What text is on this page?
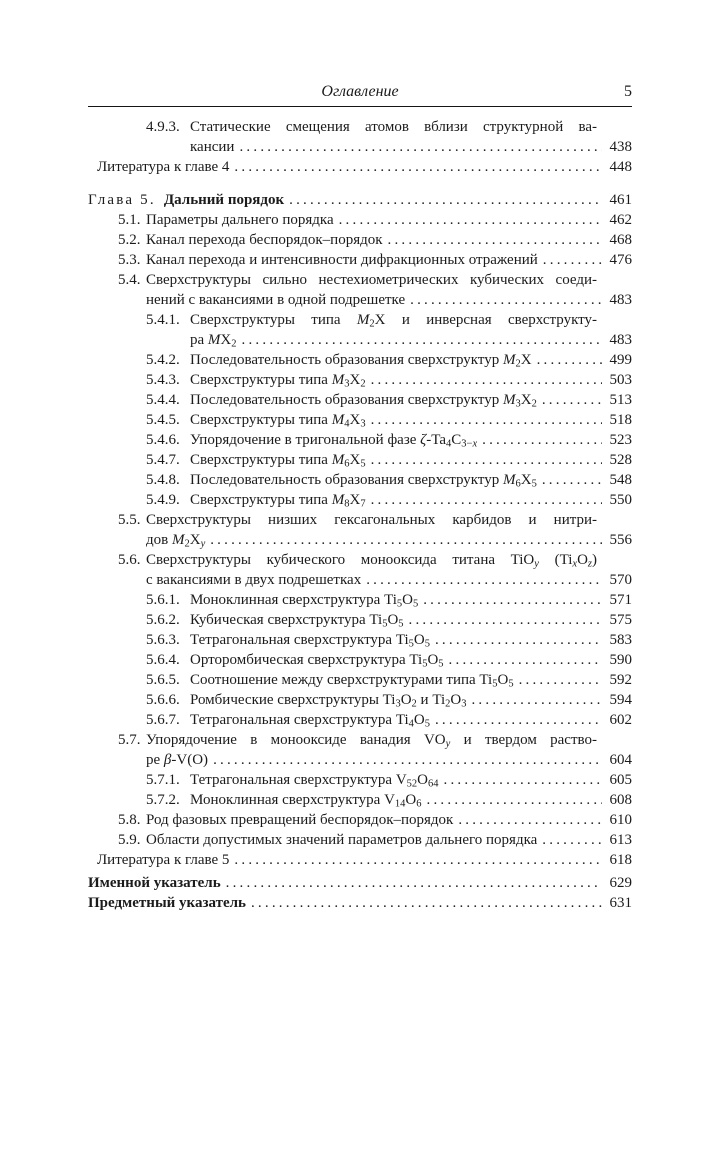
Оглавление	5
4.9.3. Статические смещения атомов вблизи структурной ва-
кансии .....	438
Литература к главе 4 .....	448
Глава 5. Дальний порядок .....	461
5.1. Параметры дальнего порядка .....	462
5.2. Канал перехода беспорядок–порядок .....	468
5.3. Канал перехода и интенсивности дифракционных отражений .....	476
5.4. Сверхструктуры сильно нестехиометрических кубических соеди-
нений с вакансиями в одной подрешетке .....	483
5.4.1. Сверхструктуры типа $M_2X$ и инверсная сверхструкту-
ра $MX_2$ .....	483
5.4.2. Последовательность образования сверхструктур $M_2X$ .....	499
5.4.3. Сверхструктуры типа $M_3X_2$ .....	503
5.4.4. Последовательность образования сверхструктур $M_3X_2$ .....	513
5.4.5. Сверхструктуры типа $M_4X_3$ .....	518
5.4.6. Упорядочение в тригональной фазе $\zeta-Ta_4C_{3-x}$ .....	523
5.4.7. Сверхструктуры типа $M_6X_5$ .....	528
5.4.8. Последовательность образования сверхструктур $M_6X_5$ .....	548
5.4.9. Сверхструктуры типа $M_8X_7$ .....	550
5.5. Сверхструктуры низших гексагональных карбидов и нитри-
дов $M_2X_y$ .....	556
5.6. Сверхструктуры кубического монооксида титана TiO$_y$ $(Ti_xO_z)$
с вакансиями в двух подрешетках .....	570
5.6.1. Моноклинная сверхструктура $Ti_5O_5$ .....	571
5.6.2. Кубическая сверхструктура $Ti_5O_5$ .....	575
5.6.3. Тетрагональная сверхструктура $Ti_5O_5$ .....	583
5.6.4. Орторомбическая сверхструктура $Ti_5O_5$ .....	590
5.6.5. Соотношение между сверхструктурами типа $Ti_5O_5$ .....	592
5.6.6. Ромбические сверхструктуры $Ti_3O_2$ и $Ti_2O_3$ .....	594
5.6.7. Тетрагональная сверхструктура $Ti_4O_5$ .....	602
5.7. Упорядочение в монооксиде ванадия $VO_y$ и твердом раство-
ре β-V(O) .....	604
5.7.1. Тетрагональная сверхструктура $V_{52}O_{64}$ .....	605
5.7.2. Моноклинная сверхструктура $V_{14}O_6$ .....	608
5.8. Род фазовых превращений беспорядок–порядок .....	610
5.9. Области допустимых значений параметров дальнего порядка .....	613
Литература к главе 5 .....	618
Именной указатель .....	629
Предметный указатель .....	631
